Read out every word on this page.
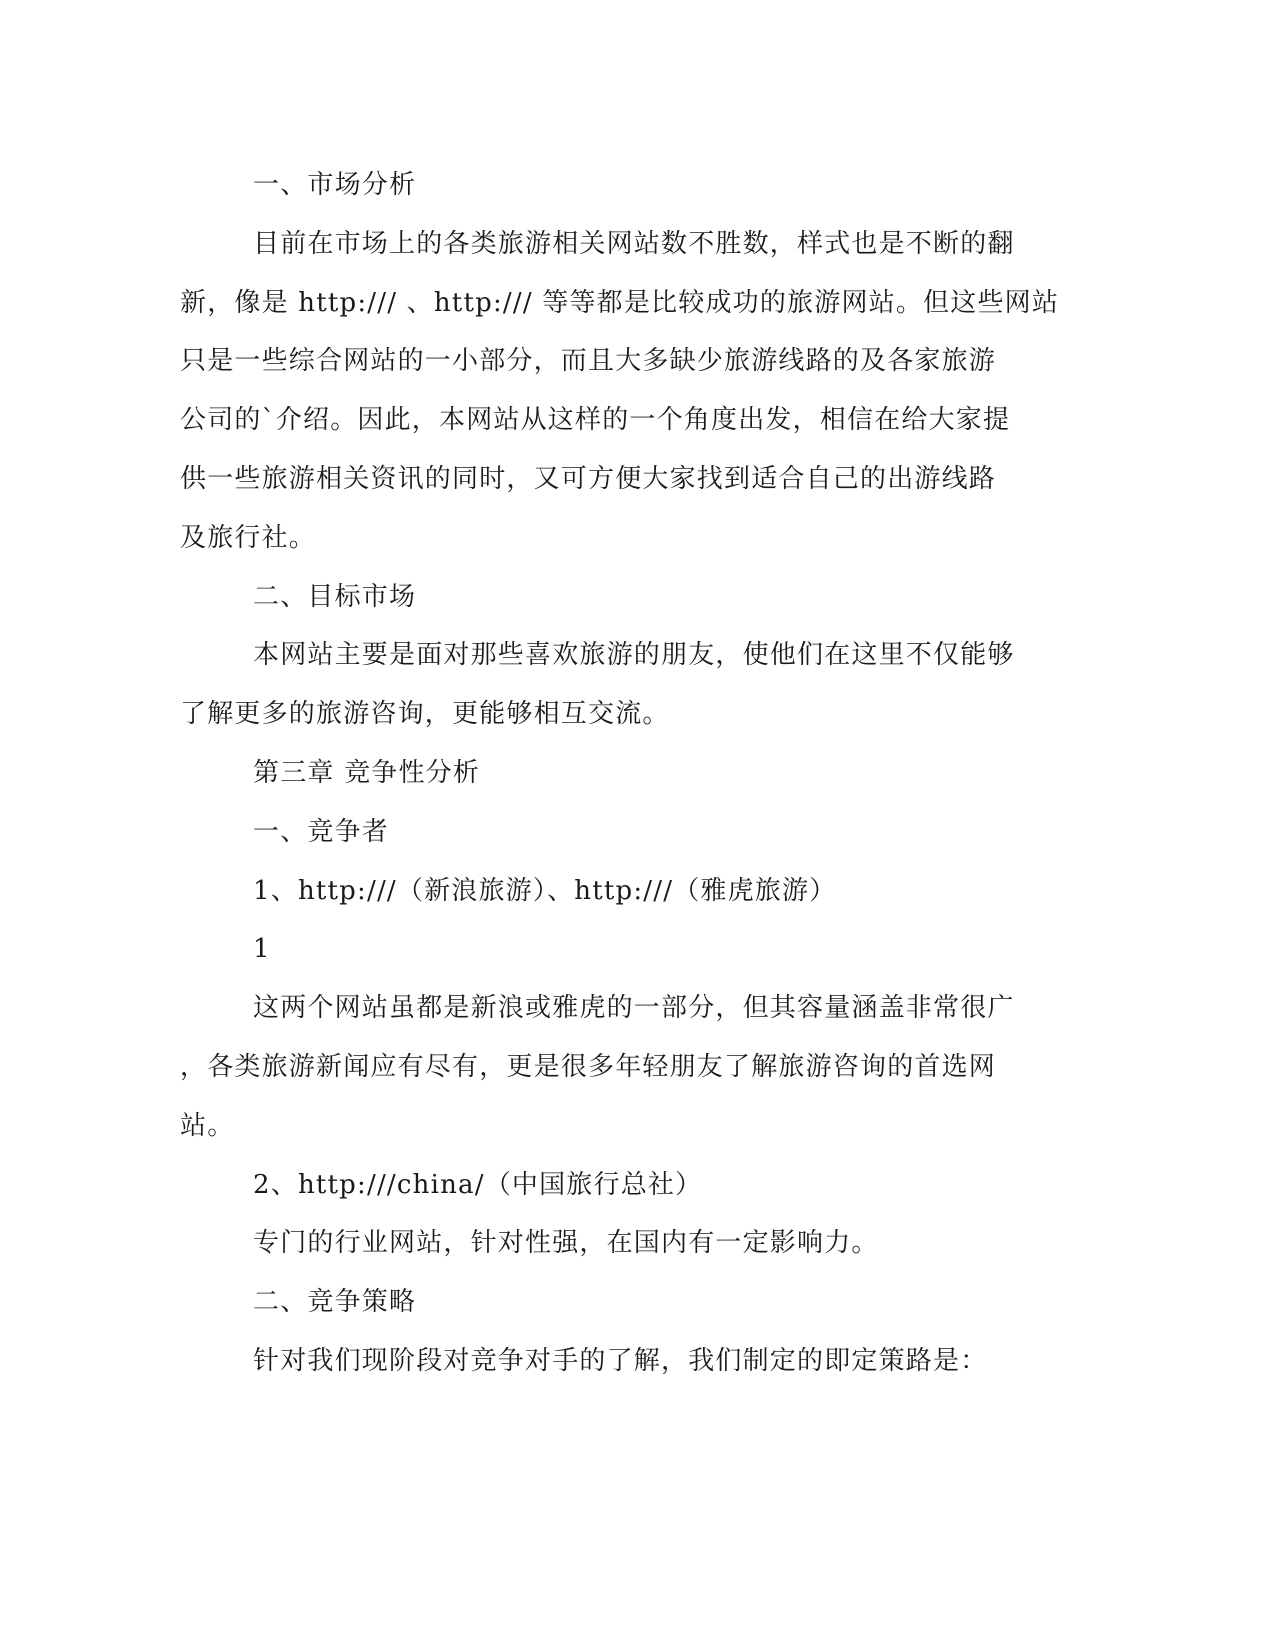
一、市场分析
目前在市场上的各类旅游相关网站数不胜数，样式也是不断的翻
新，像是 http:/// 、http:/// 等等都是比较成功的旅游网站。但这些网站
只是一些综合网站的一小部分，而且大多缺少旅游线路的及各家旅游
公司的`介绍。因此，本网站从这样的一个角度出发，相信在给大家提
供一些旅游相关资讯的同时，又可方便大家找到适合自己的出游线路
及旅行社。
二、目标市场
本网站主要是面对那些喜欢旅游的朋友，使他们在这里不仅能够
了解更多的旅游咨询，更能够相互交流。
第三章 竞争性分析
一、竞争者
1、http:///（新浪旅游）、http:///（雅虎旅游）
1
这两个网站虽都是新浪或雅虎的一部分，但其容量涵盖非常很广
，各类旅游新闻应有尽有，更是很多年轻朋友了解旅游咨询的首选网
站。
2、http:///china/（中国旅行总社）
专门的行业网站，针对性强，在国内有一定影响力。
二、竞争策略
针对我们现阶段对竞争对手的了解，我们制定的即定策路是：
